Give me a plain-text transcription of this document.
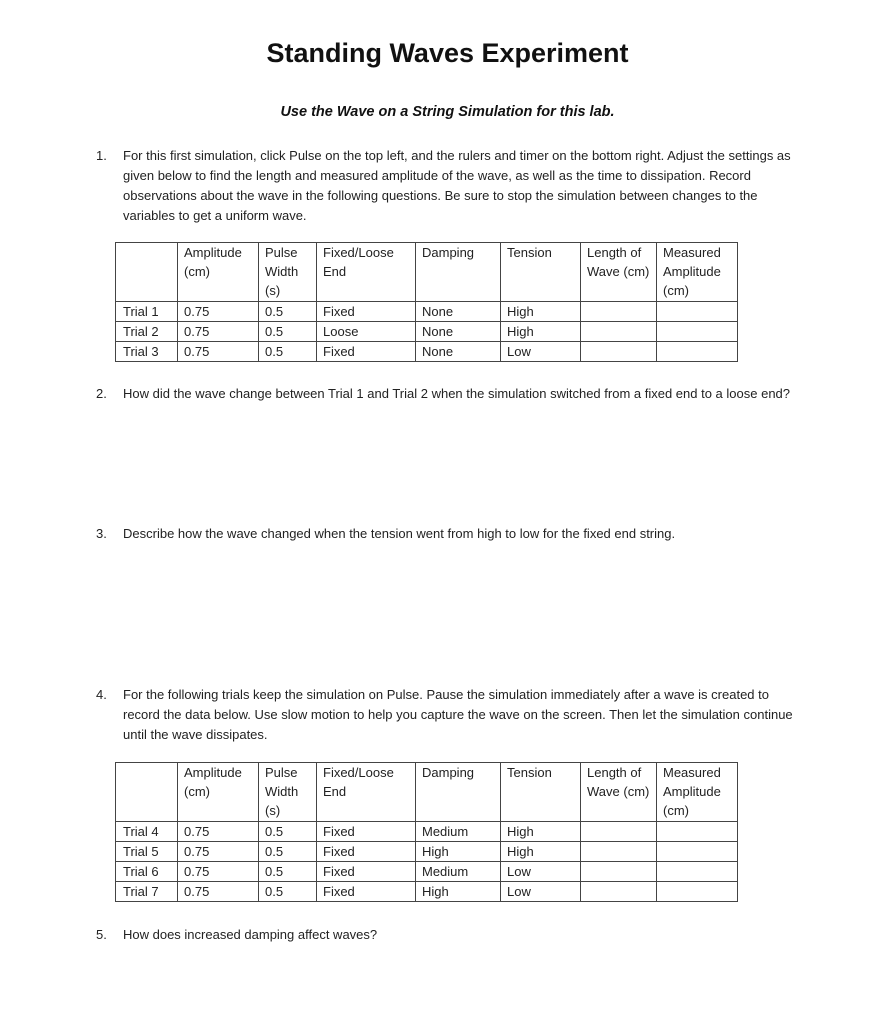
Standing Waves Experiment
Use the Wave on a String Simulation for this lab.
1. For this first simulation, click Pulse on the top left, and the rulers and timer on the bottom right. Adjust the settings as given below to find the length and measured amplitude of the wave, as well as the time to dissipation. Record observations about the wave in the following questions. Be sure to stop the simulation between changes to the variables to get a uniform wave.
	Amplitude (cm)	Pulse Width (s)	Fixed/Loose End	Damping	Tension	Length of Wave (cm)	Measured Amplitude (cm)
Trial 1	0.75	0.5	Fixed	None	High		
Trial 2	0.75	0.5	Loose	None	High		
Trial 3	0.75	0.5	Fixed	None	Low		
2. How did the wave change between Trial 1 and Trial 2 when the simulation switched from a fixed end to a loose end?
3. Describe how the wave changed when the tension went from high to low for the fixed end string.
4. For the following trials keep the simulation on Pulse. Pause the simulation immediately after a wave is created to record the data below. Use slow motion to help you capture the wave on the screen. Then let the simulation continue until the wave dissipates.
	Amplitude (cm)	Pulse Width (s)	Fixed/Loose End	Damping	Tension	Length of Wave (cm)	Measured Amplitude (cm)
Trial 4	0.75	0.5	Fixed	Medium	High		
Trial 5	0.75	0.5	Fixed	High	High		
Trial 6	0.75	0.5	Fixed	Medium	Low		
Trial 7	0.75	0.5	Fixed	High	Low		
5. How does increased damping affect waves?
